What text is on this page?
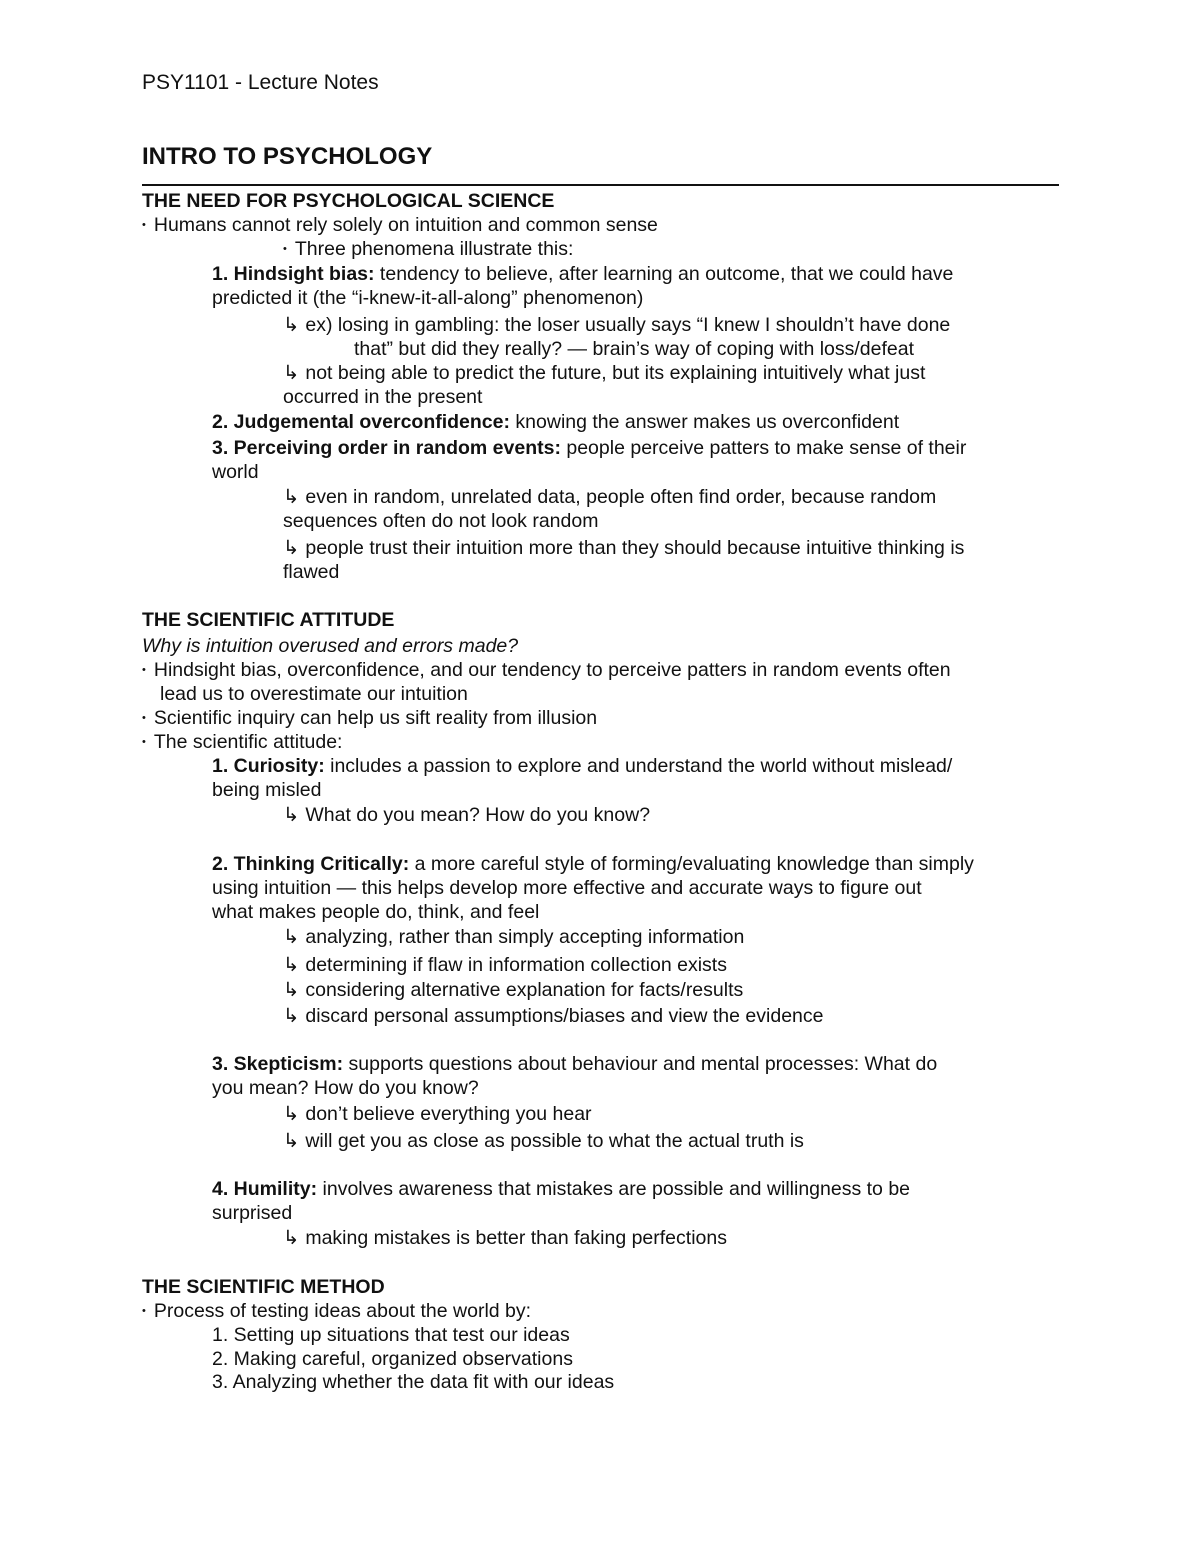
PSY1101 - Lecture Notes
INTRO TO PSYCHOLOGY
THE NEED FOR PSYCHOLOGICAL SCIENCE
• Humans cannot rely solely on intuition and common sense
• Three phenomena illustrate this:
1. Hindsight bias: tendency to believe, after learning an outcome, that we could have
predicted it (the “i-knew-it-all-along” phenomenon)
↳ ex) losing in gambling: the loser usually says “I knew I shouldn’t have done
that” but did they really? — brain’s way of coping with loss/defeat
↳ not being able to predict the future, but its explaining intuitively what just
occurred in the present
2. Judgemental overconfidence: knowing the answer makes us overconfident
3. Perceiving order in random events: people perceive patters to make sense of their
world
↳ even in random, unrelated data, people often find order, because random
sequences often do not look random
↳ people trust their intuition more than they should because intuitive thinking is
flawed
THE SCIENTIFIC ATTITUDE
Why is intuition overused and errors made?
• Hindsight bias, overconfidence, and our tendency to perceive patters in random events often
lead us to overestimate our intuition
• Scientific inquiry can help us sift reality from illusion
• The scientific attitude:
1. Curiosity: includes a passion to explore and understand the world without mislead/
being misled
↳ What do you mean? How do you know?
2. Thinking Critically: a more careful style of forming/evaluating knowledge than simply
using intuition — this helps develop more effective and accurate ways to figure out
what makes people do, think, and feel
↳ analyzing, rather than simply accepting information
↳ determining if flaw in information collection exists
↳ considering alternative explanation for facts/results
↳ discard personal assumptions/biases and view the evidence
3. Skepticism: supports questions about behaviour and mental processes: What do
you mean? How do you know?
↳ don’t believe everything you hear
↳ will get you as close as possible to what the actual truth is
4. Humility: involves awareness that mistakes are possible and willingness to be
surprised
↳ making mistakes is better than faking perfections
THE SCIENTIFIC METHOD
• Process of testing ideas about the world by:
1. Setting up situations that test our ideas
2. Making careful, organized observations
3. Analyzing whether the data fit with our ideas
